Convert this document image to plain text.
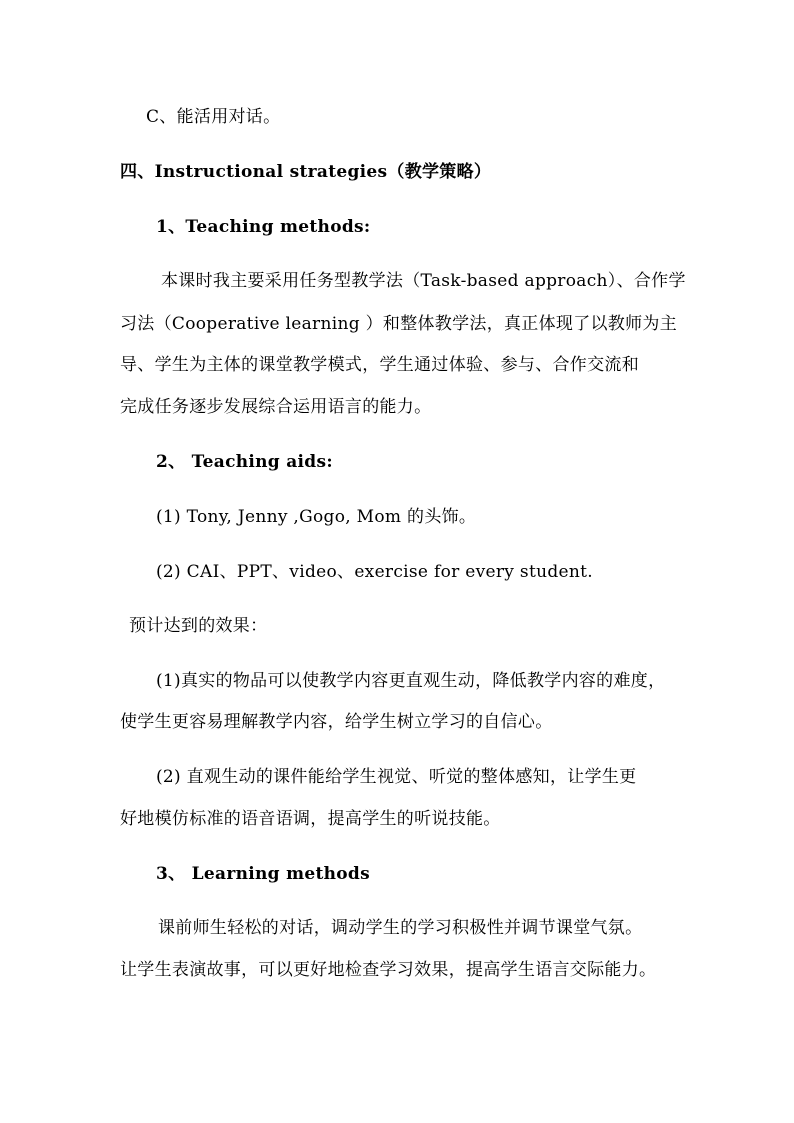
C、能活用对话。
四、Instructional strategies（教学策略）
1、Teaching methods:
本课时我主要采用任务型教学法（Task-based approach）、合作学
习法（Cooperative learning ）和整体教学法，真正体现了以教师为主
导、学生为主体的课堂教学模式，学生通过体验、参与、合作交流和
完成任务逐步发展综合运用语言的能力。
2、 Teaching aids:
(1) Tony, Jenny ,Gogo, Mom 的头饰。
(2) CAI、PPT、video、exercise for every student.
预计达到的效果：
(1)真实的物品可以使教学内容更直观生动，降低教学内容的难度，
使学生更容易理解教学内容，给学生树立学习的自信心。
(2) 直观生动的课件能给学生视觉、听觉的整体感知，让学生更
好地模仿标准的语音语调，提高学生的听说技能。
3、 Learning methods
课前师生轻松的对话，调动学生的学习积极性并调节课堂气氛。
让学生表演故事，可以更好地检查学习效果，提高学生语言交际能力。
